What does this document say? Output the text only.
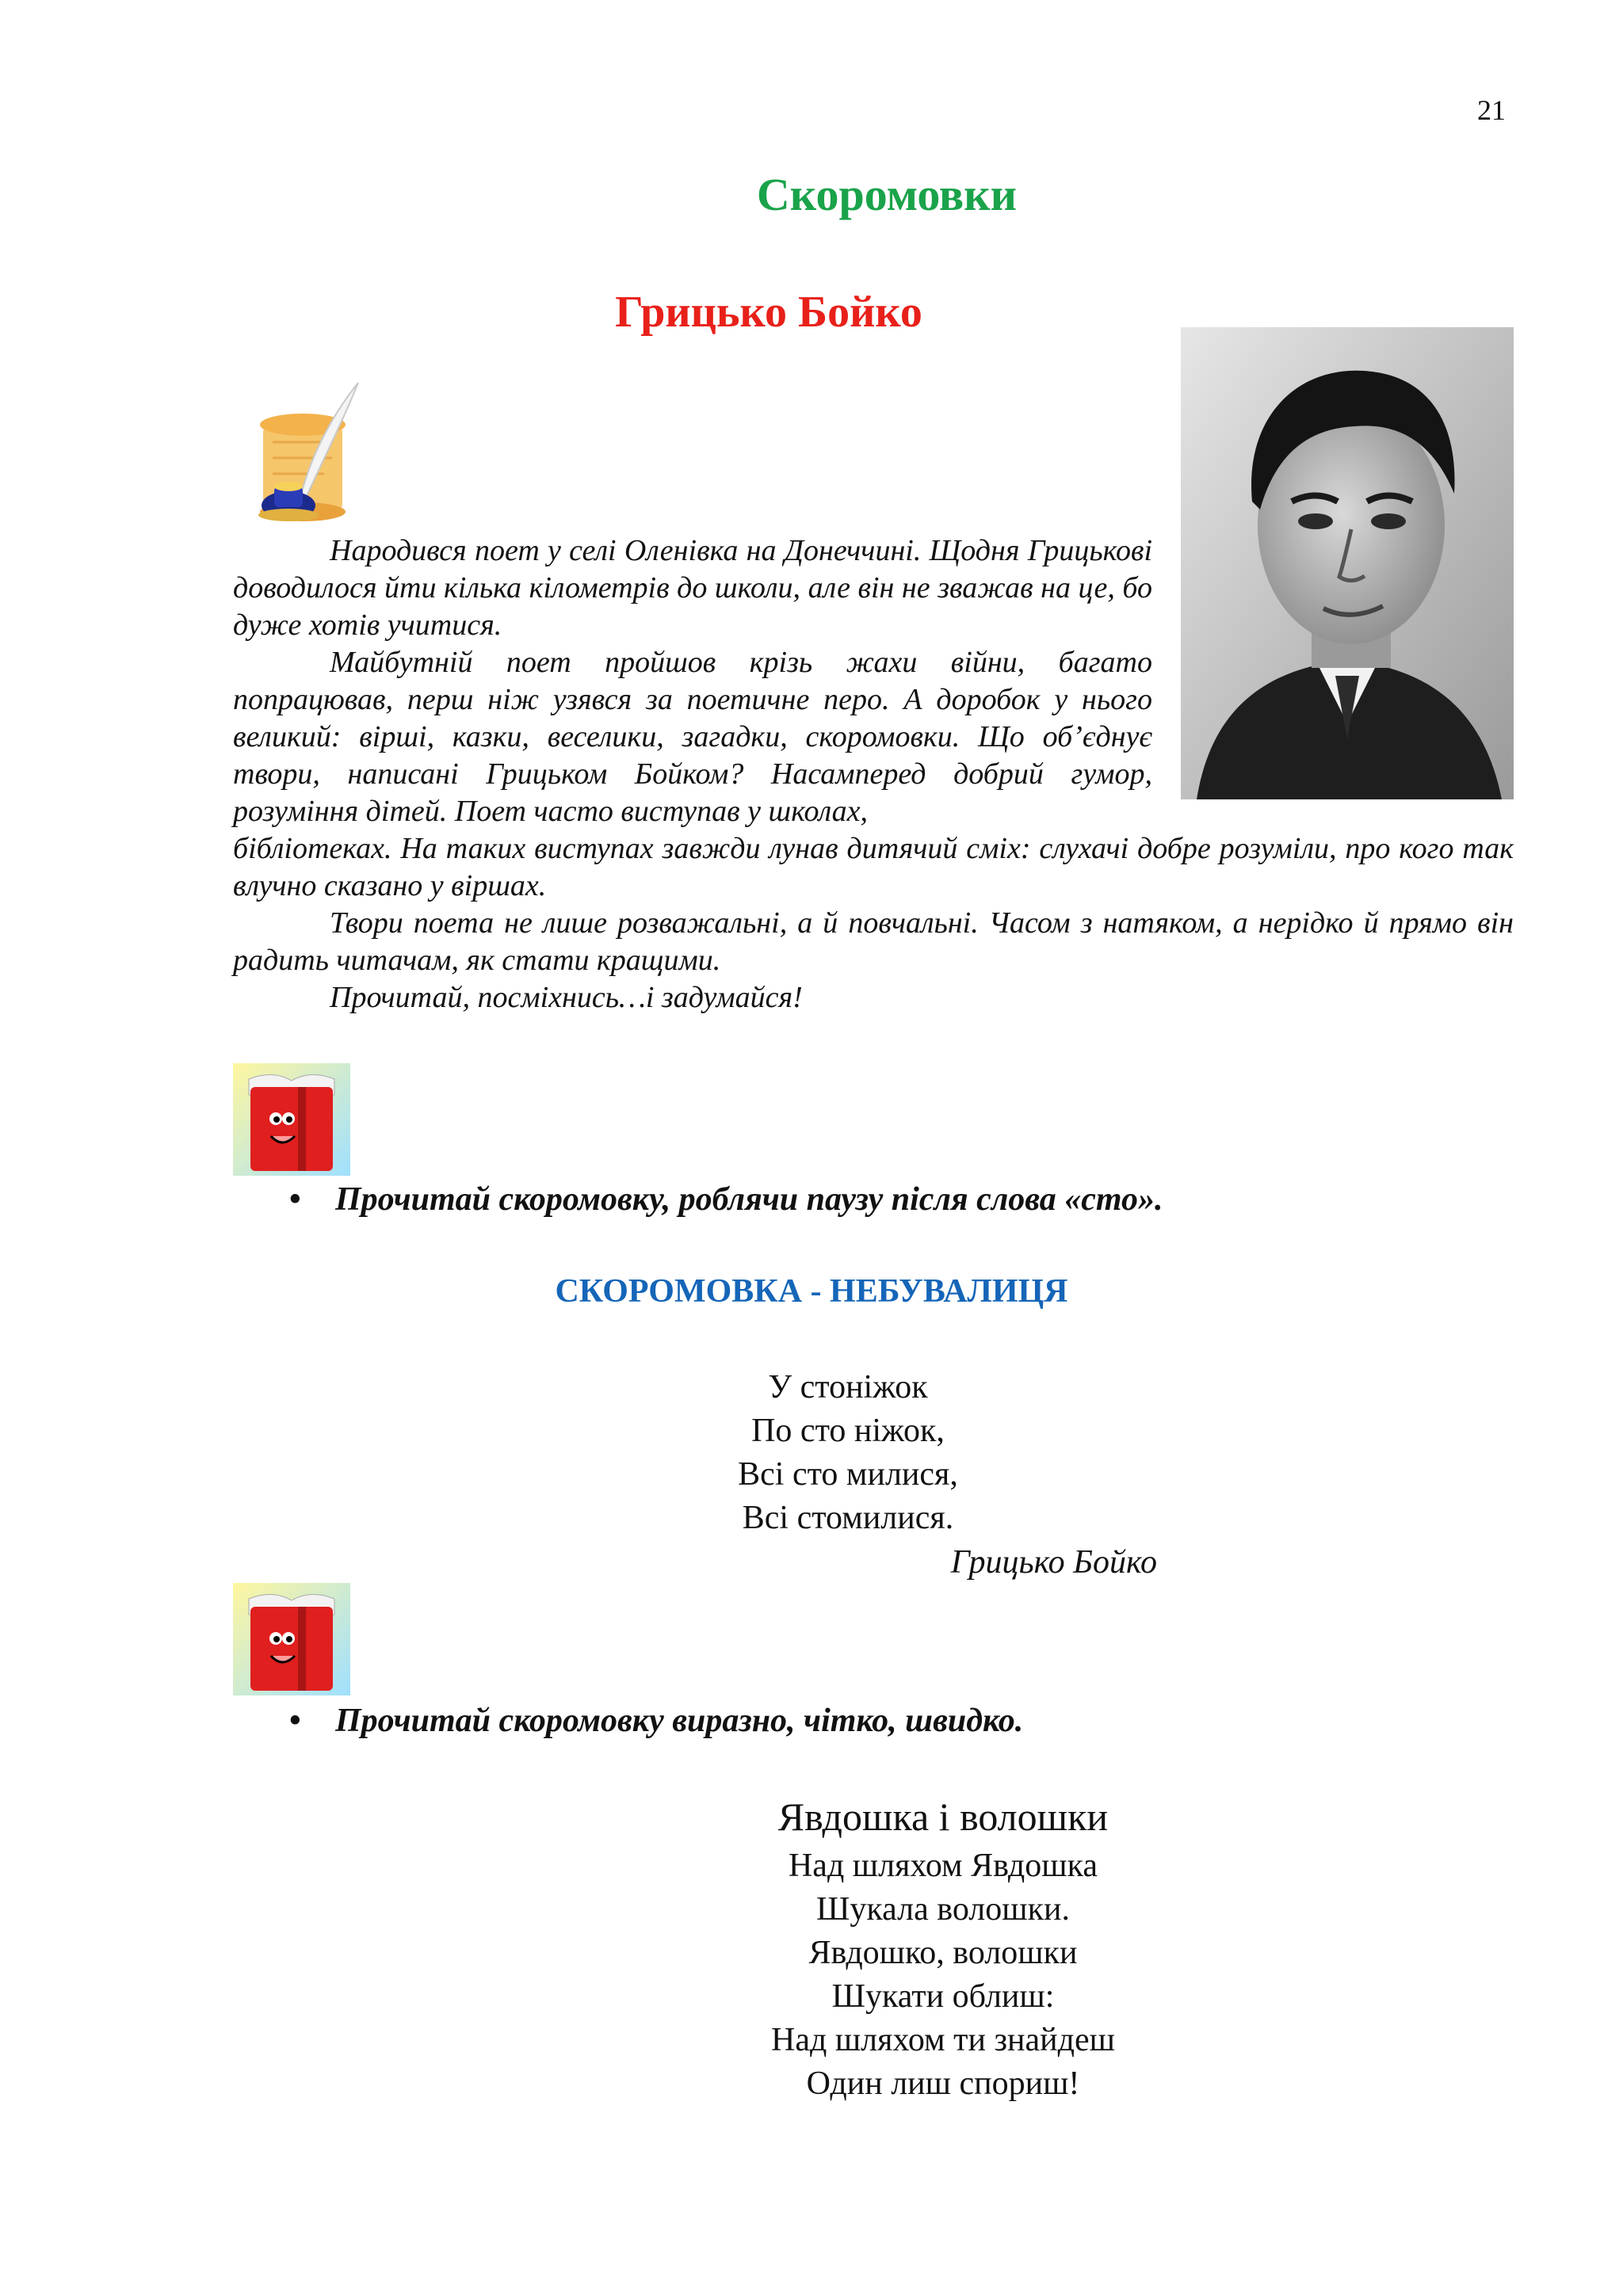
21
Скоромовки
Грицько Бойко

Народився поет у селі Оленівка на Донеччині. Щодня Грицькові доводилося йти кілька кілометрів до школи, але він не зважав на це, бо дуже хотів учитися.

Майбутній поет пройшов крізь жахи війни, багато попрацював, перш ніж узявся за поетичне перо. А доробок у нього великий: вірші, казки, веселики, загадки, скоромовки. Що об’єднує твори, написані Грицьком Бойком? Насамперед добрий гумор, розуміння дітей. Поет часто виступав у школах,

бібліотеках. На таких виступах завжди лунав дитячий сміх: слухачі добре розуміли, про кого так влучно сказано у віршах.

Твори поета не лише розважальні, а й повчальні. Часом з натяком, а нерідко й прямо він радить читачам, як стати кращими.

Прочитай, посміхнись…і задумайся!

• Прочитай скоромовку, роблячи паузу після слова «сто».
СКОРОМОВКА - НЕБУВАЛИЦЯ
У стоніжок
По сто ніжок,
Всі сто милися,
Всі стомилися.
Грицько Бойко
• Прочитай скоромовку виразно, чітко, швидко.
Явдошка і волошки
Над шляхом Явдошка
Шукала волошки.
Явдошко, волошки
Шукати облиш:
Над шляхом ти знайдеш
Один лиш спориш!
